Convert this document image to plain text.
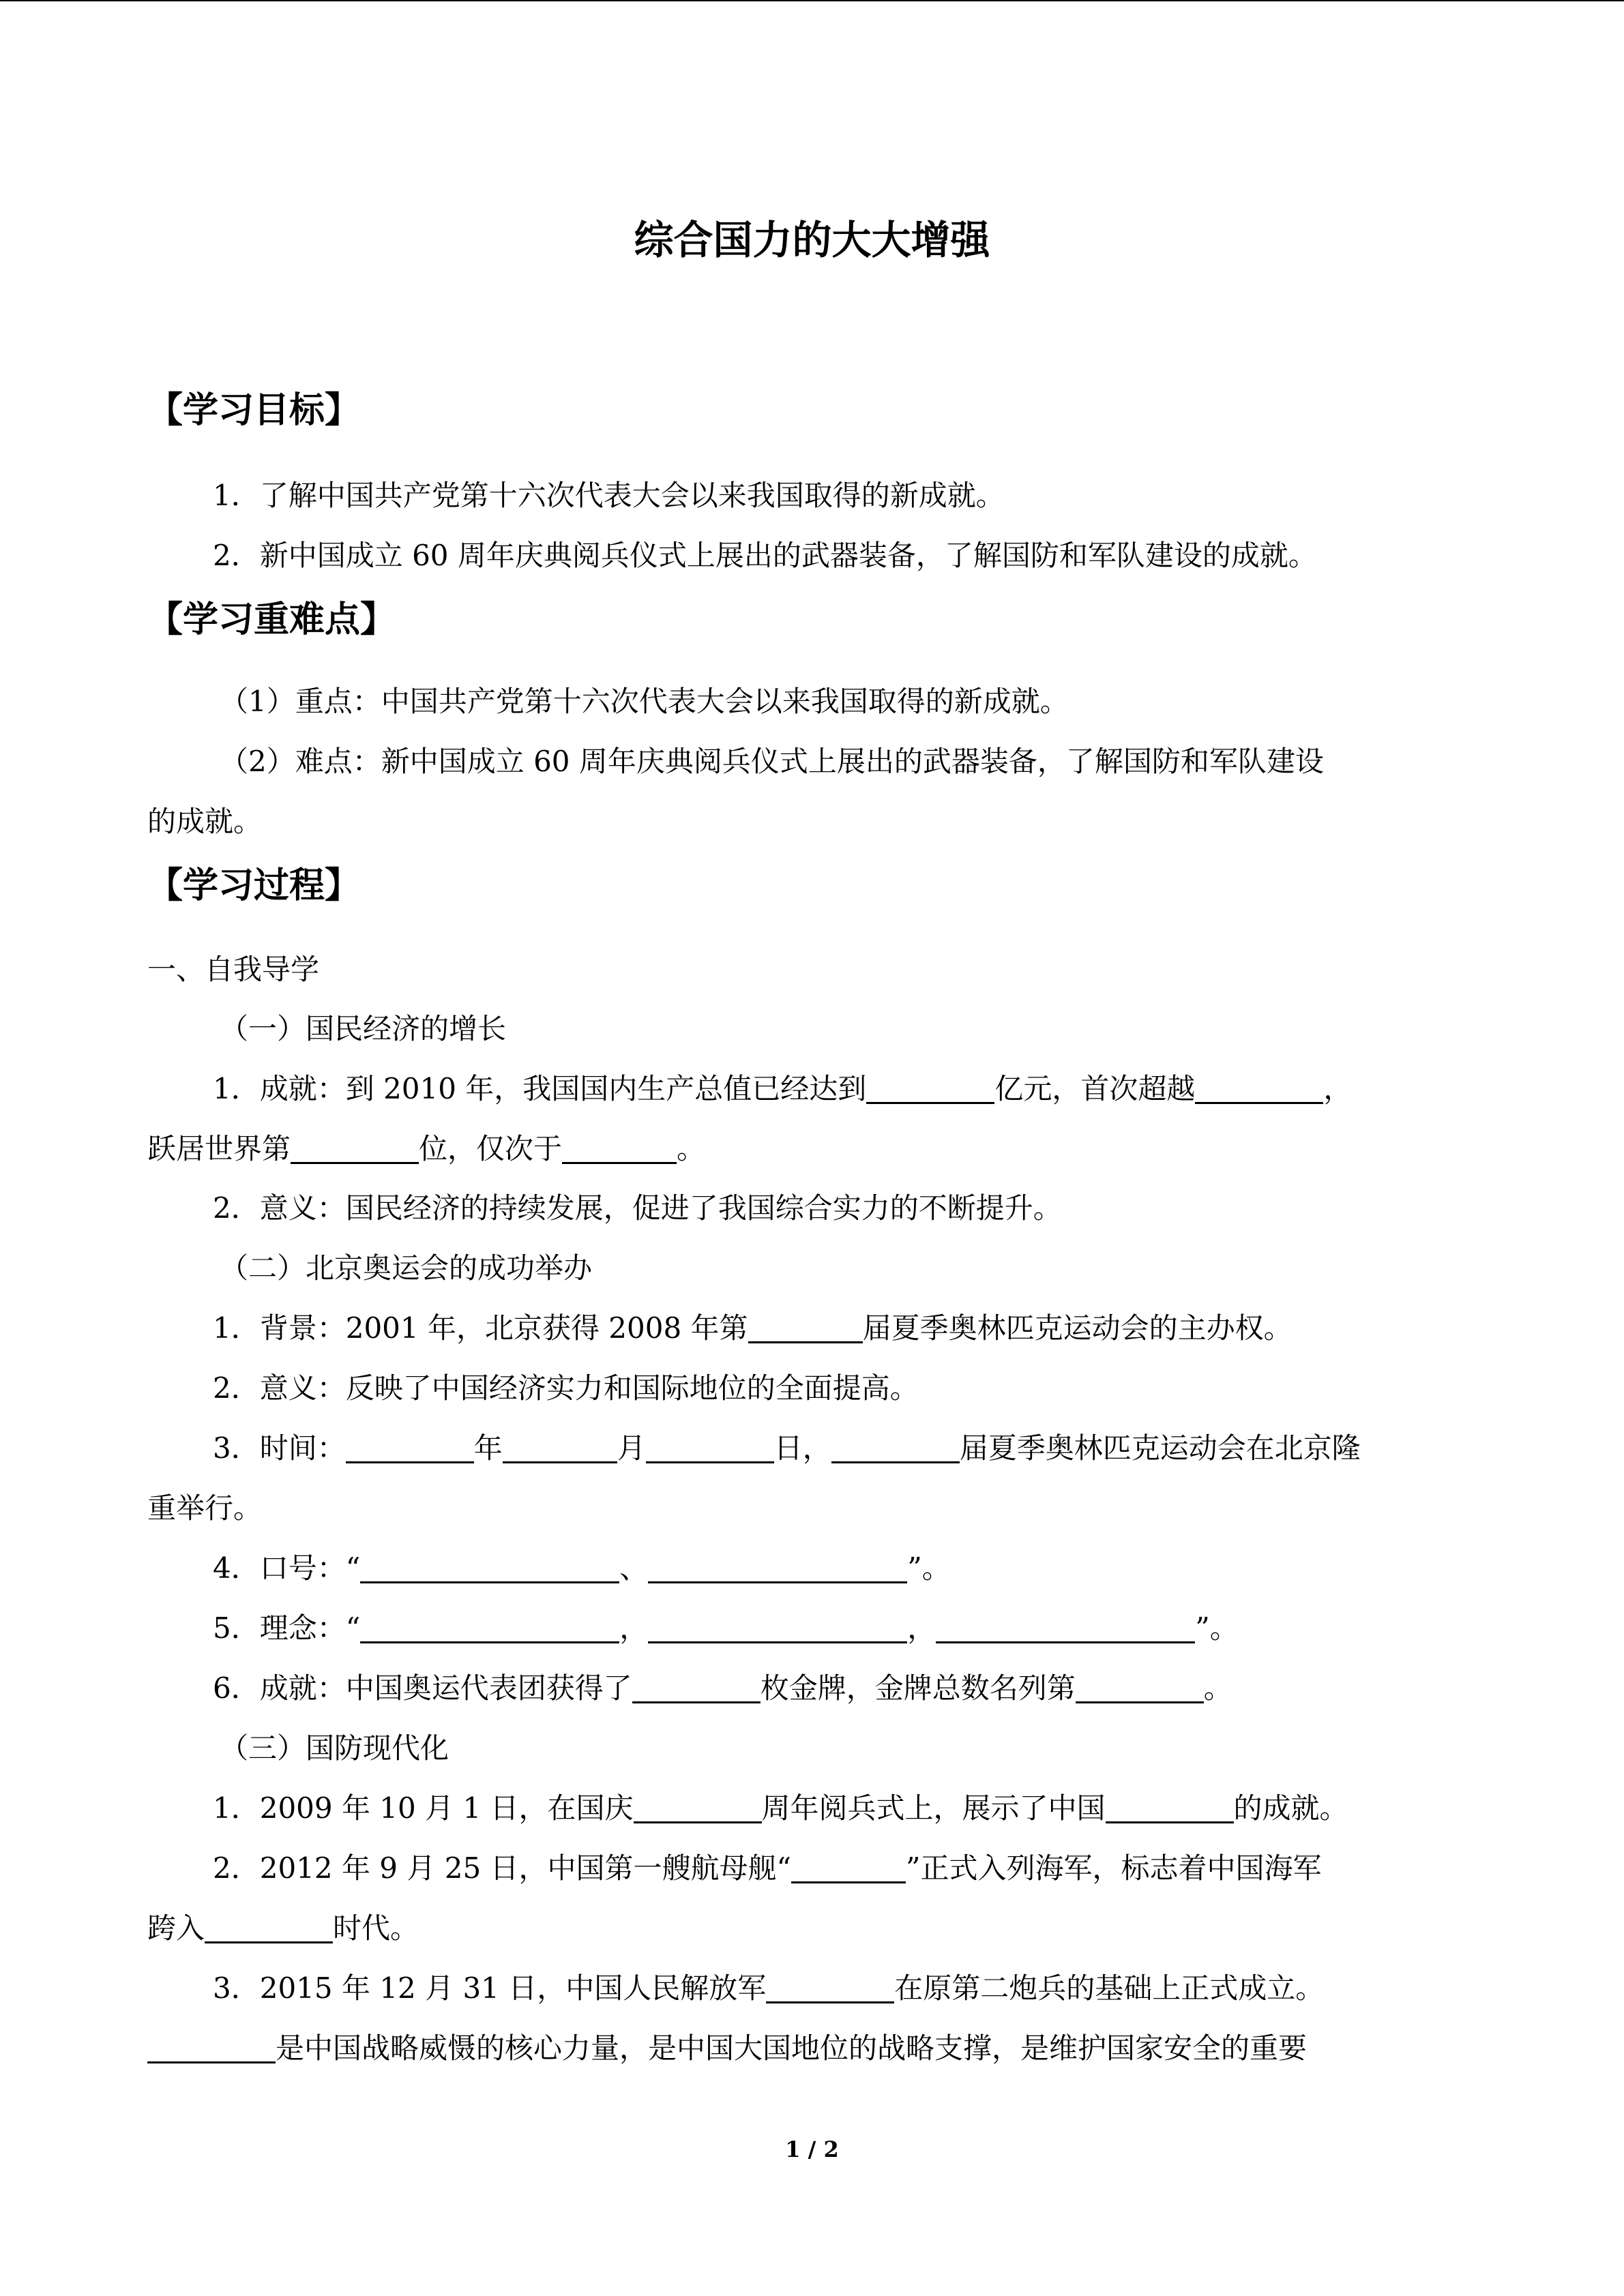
综合国力的大大增强
【学习目标】
1．了解中国共产党第十六次代表大会以来我国取得的新成就。
2．新中国成立 60 周年庆典阅兵仪式上展出的武器装备，了解国防和军队建设的成就。
【学习重难点】
（1）重点：中国共产党第十六次代表大会以来我国取得的新成就。
（2）难点：新中国成立 60 周年庆典阅兵仪式上展出的武器装备，了解国防和军队建设
的成就。
【学习过程】
一、自我导学
（一）国民经济的增长
1．成就：到 2010 年，我国国内生产总值已经达到	亿元，首次超越	，
跃居世界第	位，仅次于	。
2．意义：国民经济的持续发展，促进了我国综合实力的不断提升。
（二）北京奥运会的成功举办
1．背景：2001 年，北京获得 2008 年第	届夏季奥林匹克运动会的主办权。
2．意义：反映了中国经济实力和国际地位的全面提高。
3．时间：	年	月	日，	届夏季奥林匹克运动会在北京隆
重举行。
4．口号：“	、	”。
5．理念：“	，	，	”。
6．成就：中国奥运代表团获得了	枚金牌，金牌总数名列第	。
（三）国防现代化
1．2009 年 10 月 1 日，在国庆	周年阅兵式上，展示了中国	的成就。
2．2012 年 9 月 25 日，中国第一艘航母舰“	”正式入列海军，标志着中国海军
跨入	时代。
3．2015 年 12 月 31 日，中国人民解放军	在原第二炮兵的基础上正式成立。
是中国战略威慑的核心力量，是中国大国地位的战略支撑，是维护国家安全的重要
1 / 2
